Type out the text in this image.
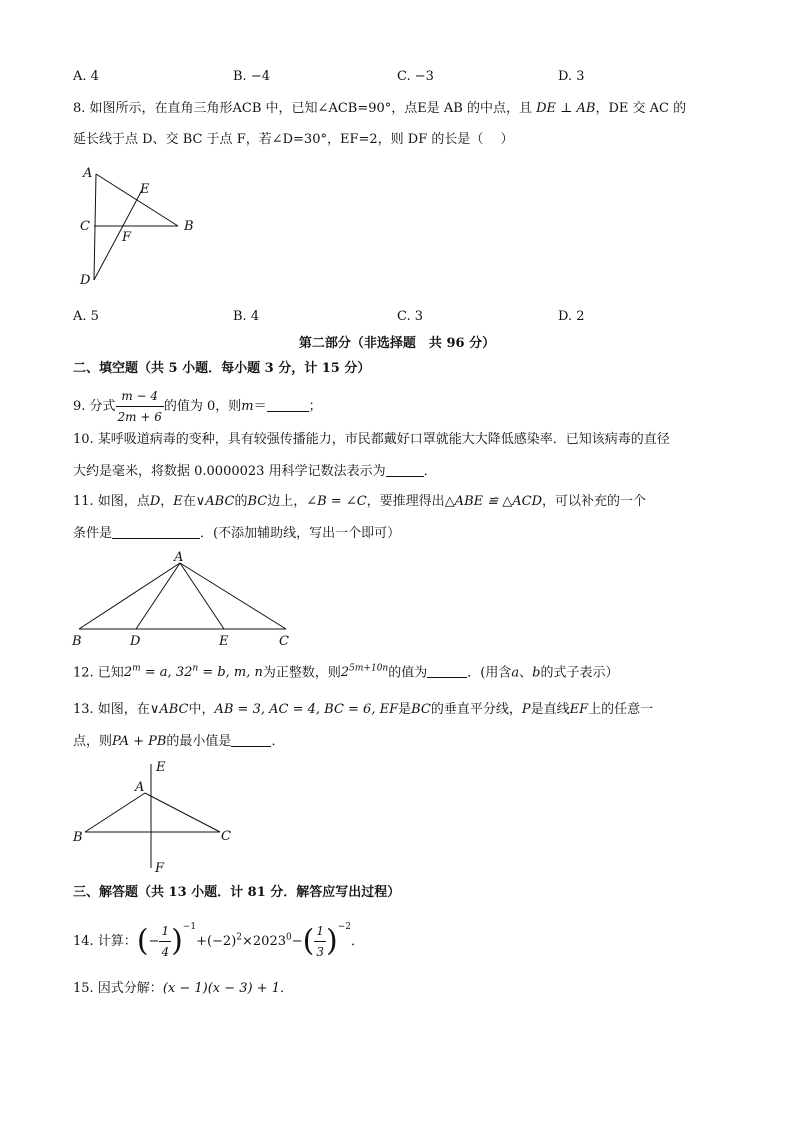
A. 4	B. −4	C. −3	D. 3
8. 如图所示，在直角三角形ACB 中，已知∠ACB=90°，点E是 AB 的中点，且 DE ⊥ AB，DE 交 AC 的
延长线于点 D、交 BC 于点 F，若∠D=30°，EF=2，则 DF 的长是（　 ）
A
E
C
F
B
D
A. 5	B. 4	C. 3	D. 2
第二部分（非选择题　共 96 分）
二、填空题（共 5 小题．每小题 3 分，计 15 分）
9. 分式 $\frac{m - 4}{2m + 6}$ 的值为 0，则m＝	；
10. 某呼吸道病毒的变种，具有较强传播能力，市民都戴好口罩就能大大降低感染率．已知该病毒的直径
大约是毫米，将数据 0.0000023 用科学记数法表示为	．
11. 如图，点D，E在∨ABC的BC边上，∠B = ∠C，要推理得出△ABE ≌ △ACD，可以补充的一个
条件是	．(不添加辅助线，写出一个即可）
A
B	D	E	C
12. 已知$2^m = a$, $32^n = b$, m, n为正整数，则$2^{5m+10n}$的值为	．(用含a、b的式子表示）
13. 如图，在∨ABC中，AB = 3, AC = 4, BC = 6, EF是BC的垂直平分线，P是直线EF上的任意一
点，则PA + PB的最小值是	．
E
A
B	C
F
三、解答题（共 13 小题．计 81 分．解答应写出过程）
14. 计算：(− $\frac{1}{4} )^{-1}+(-2)^2\times 2023^0-( \frac{1}{3} )^{-2}$．
15. 因式分解：(x − 1)(x − 3) + 1．
